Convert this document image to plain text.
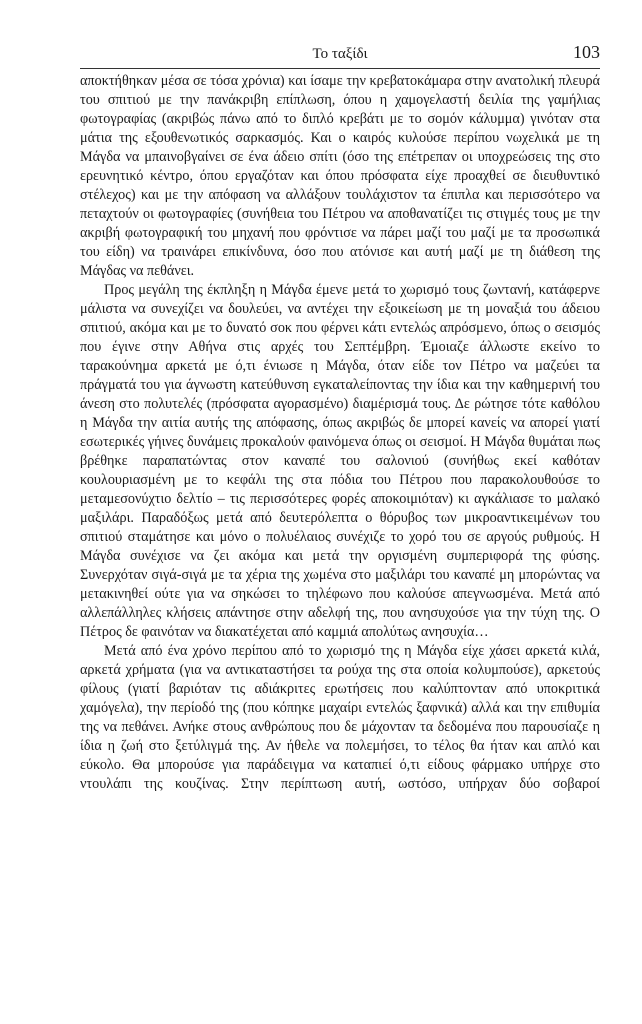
Το ταξίδι	103

αποκτήθηκαν μέσα σε τόσα χρόνια) και ίσαμε την κρεβατοκάμαρα στην ανατολική πλευρά του σπιτιού με την πανάκριβη επίπλωση, όπου η χαμογελαστή δειλία της γαμήλιας φωτογραφίας (ακριβώς πάνω από το διπλό κρεβάτι με το σομόν κάλυμμα) γινόταν στα μάτια της εξουθενωτικός σαρκασμός. Και ο καιρός κυλούσε περίπου νωχελικά με τη Μάγδα να μπαινοβγαίνει σε ένα άδειο σπίτι (όσο της επέτρεπαν οι υποχρεώσεις της στο ερευνητικό κέντρο, όπου εργαζόταν και όπου πρόσφατα είχε προαχθεί σε διευθυντικό στέλεχος) και με την απόφαση να αλλάξουν τουλάχιστον τα έπιπλα και περισσότερο να πεταχτούν οι φωτογραφίες (συνήθεια του Πέτρου να αποθανατίζει τις στιγμές τους με την ακριβή φωτογραφική του μηχανή που φρόντισε να πάρει μαζί του μαζί με τα προσωπικά του είδη) να τραινάρει επικίνδυνα, όσο που ατόνισε και αυτή μαζί με τη διάθεση της Μάγδας να πεθάνει.

Προς μεγάλη της έκπληξη η Μάγδα έμενε μετά το χωρισμό τους ζωντανή, κατάφερνε μάλιστα να συνεχίζει να δουλεύει, να αντέχει την εξοικείωση με τη μοναξιά του άδειου σπιτιού, ακόμα και με το δυνατό σοκ που φέρνει κάτι εντελώς απρόσμενο, όπως ο σεισμός που έγινε στην Αθήνα στις αρχές του Σεπτέμβρη. Έμοιαζε άλλωστε εκείνο το ταρακούνημα αρκετά με ό,τι ένιωσε η Μάγδα, όταν είδε τον Πέτρο να μαζεύει τα πράγματά του για άγνωστη κατεύθυνση εγκαταλείποντας την ίδια και την καθημερινή του άνεση στο πολυτελές (πρόσφατα αγορασμένο) διαμέρισμά τους. Δε ρώτησε τότε καθόλου η Μάγδα την αιτία αυτής της απόφασης, όπως ακριβώς δε μπορεί κανείς να απορεί γιατί εσωτερικές γήινες δυνάμεις προκαλούν φαινόμενα όπως οι σεισμοί. Η Μάγδα θυμάται πως βρέθηκε παραπατώντας στον καναπέ του σαλονιού (συνήθως εκεί καθόταν κουλουριασμένη με το κεφάλι της στα πόδια του Πέτρου που παρακολουθούσε το μεταμεσονύχτιο δελτίο – τις περισσότερες φορές αποκοιμιόταν) κι αγκάλιασε το μαλακό μαξιλάρι. Παραδόξως μετά από δευτερόλεπτα ο θόρυβος των μικροαντικειμένων του σπιτιού σταμάτησε και μόνο ο πολυέλαιος συνέχιζε το χορό του σε αργούς ρυθμούς. Η Μάγδα συνέχισε να ζει ακόμα και μετά την οργισμένη συμπεριφορά της φύσης. Συνερχόταν σιγά-σιγά με τα χέρια της χωμένα στο μαξιλάρι του καναπέ μη μπορώντας να μετακινηθεί ούτε για να σηκώσει το τηλέφωνο που καλούσε απεγνωσμένα. Μετά από αλλεπάλληλες κλήσεις απάντησε στην αδελφή της, που ανησυχούσε για την τύχη της. Ο Πέτρος δε φαινόταν να διακατέχεται από καμμιά απολύτως ανησυχία…

Μετά από ένα χρόνο περίπου από το χωρισμό της η Μάγδα είχε χάσει αρκετά κιλά, αρκετά χρήματα (για να αντικαταστήσει τα ρούχα της στα οποία κολυμπούσε), αρκετούς φίλους (γιατί βαριόταν τις αδιάκριτες ερωτήσεις που καλύπτονταν από υποκριτικά χαμόγελα), την περίοδό της (που κόπηκε μαχαίρι εντελώς ξαφνικά) αλλά και την επιθυμία της να πεθάνει. Ανήκε στους ανθρώπους που δε μάχονταν τα δεδομένα που παρουσίαζε η ίδια η ζωή στο ξετύλιγμά της. Αν ήθελε να πολεμήσει, το τέλος θα ήταν και απλό και εύκολο. Θα μπορούσε για παράδειγμα να καταπιεί ό,τι είδους φάρμακο υπήρχε στο ντουλάπι της κουζίνας. Στην περίπτωση αυτή, ωστόσο, υπήρχαν δύο σοβαροί
